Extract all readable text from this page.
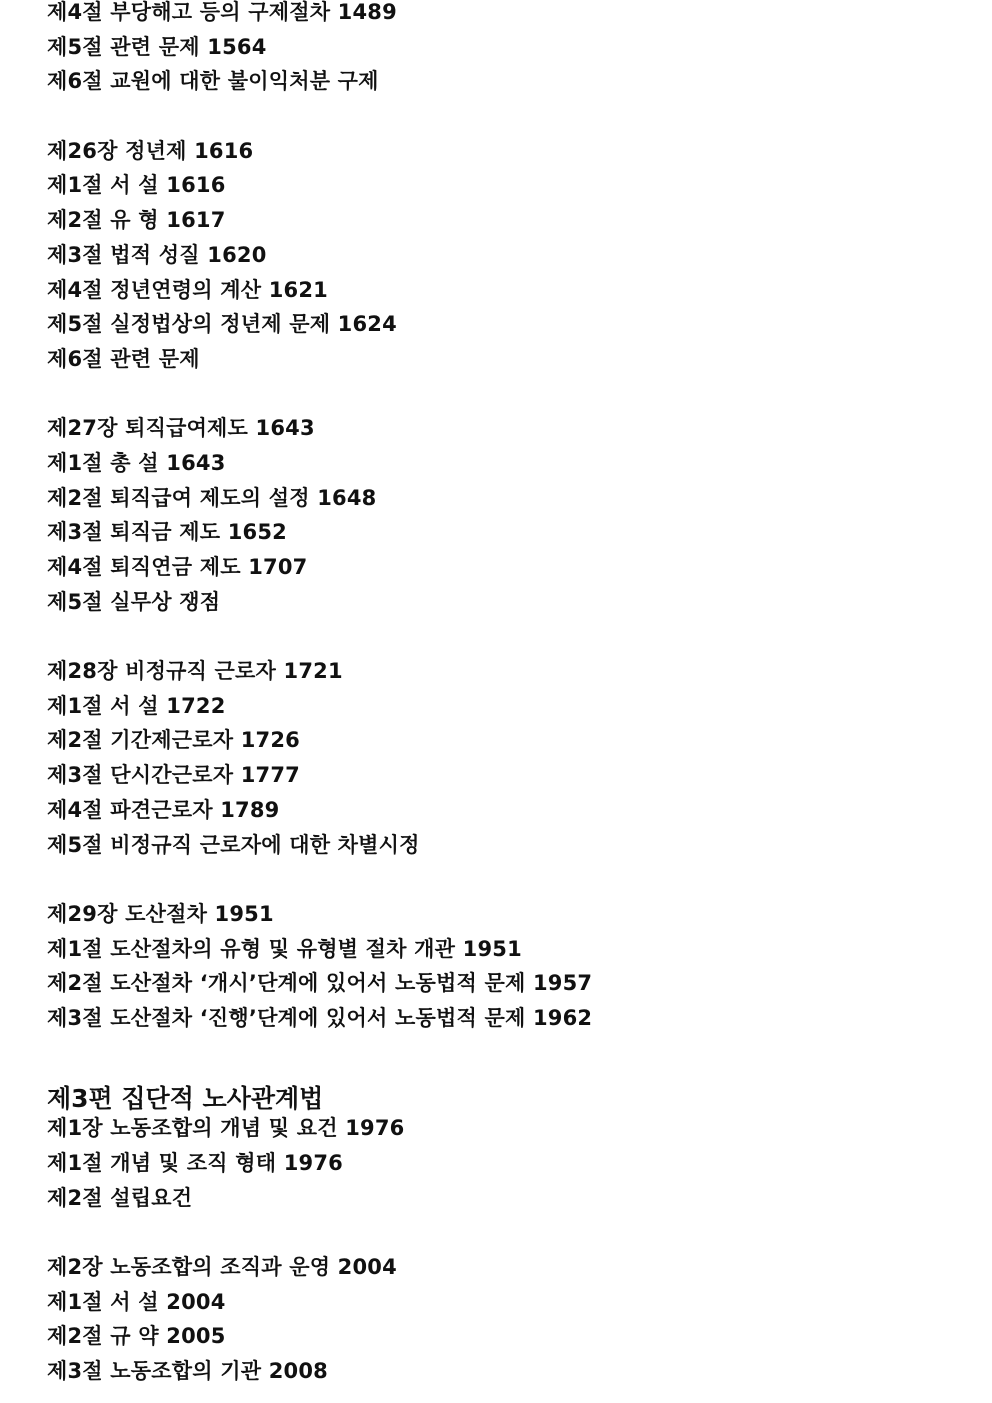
제4절 부당해고 등의 구제절차 1489
제5절 관련 문제 1564
제6절 교원에 대한 불이익처분 구제
제26장 정년제 1616
제1절 서 설 1616
제2절 유 형 1617
제3절 법적 성질 1620
제4절 정년연령의 계산 1621
제5절 실정법상의 정년제 문제 1624
제6절 관련 문제
제27장 퇴직급여제도 1643
제1절 총 설 1643
제2절 퇴직급여 제도의 설정 1648
제3절 퇴직금 제도 1652
제4절 퇴직연금 제도 1707
제5절 실무상 쟁점
제28장 비정규직 근로자 1721
제1절 서 설 1722
제2절 기간제근로자 1726
제3절 단시간근로자 1777
제4절 파견근로자 1789
제5절 비정규직 근로자에 대한 차별시정
제29장 도산절차 1951
제1절 도산절차의 유형 및 유형별 절차 개관 1951
제2절 도산절차 ‘개시’단계에 있어서 노동법적 문제 1957
제3절 도산절차 ‘진행’단계에 있어서 노동법적 문제 1962
제3편 집단적 노사관계법
제1장 노동조합의 개념 및 요건 1976
제1절 개념 및 조직 형태 1976
제2절 설립요건
제2장 노동조합의 조직과 운영 2004
제1절 서 설 2004
제2절 규 약 2005
제3절 노동조합의 기관 2008
